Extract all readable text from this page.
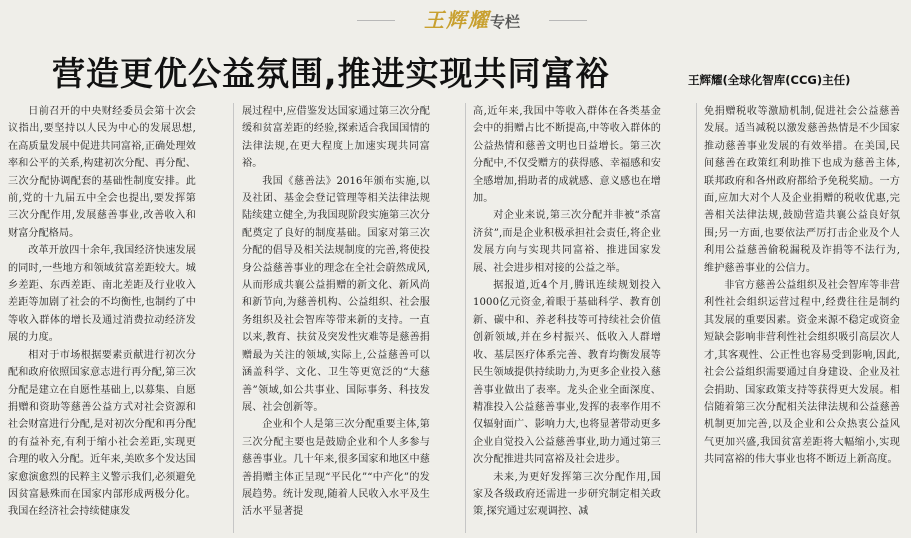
王辉耀专栏
营造更优公益氛围,推进实现共同富裕	王辉耀(全球化智库(CCG)主任)

日前召开的中央财经委员会第十次会议指出,要坚持以人民为中心的发展思想,在高质量发展中促进共同富裕,正确处理效率和公平的关系,构建初次分配、再分配、三次分配协调配套的基础性制度安排。此前,党的十九届五中全会也提出,要发挥第三次分配作用,发展慈善事业,改善收入和财富分配格局。

改革开放四十余年,我国经济快速发展的同时,一些地方和领域贫富差距较大。城乡差距、东西差距、南北差距及行业收入差距等加剧了社会的不均衡性,也制约了中等收入群体的增长及通过消费拉动经济发展的力度。

相对于市场根据要素贡献进行初次分配和政府依照国家意志进行再分配,第三次分配是建立在自愿性基础上,以募集、自愿捐赠和资助等慈善公益方式对社会资源和社会财富进行分配,是对初次分配和再分配的有益补充,有利于缩小社会差距,实现更合理的收入分配。近年来,美欧多个发达国家愈演愈烈的民粹主义警示我们,必须避免因贫富悬殊而在国家内部形成两极分化。我国在经济社会持续健康发

展过程中,应借鉴发达国家通过第三次分配缓和贫富差距的经验,探索适合我国国情的法律法规,在更大程度上加速实现共同富裕。

我国《慈善法》2016年颁布实施,以及社团、基金会登记管理等相关法律法规陆续建立健全,为我国现阶段实施第三次分配奠定了良好的制度基础。国家对第三次分配的倡导及相关法规制度的完善,将使投身公益慈善事业的理念在全社会蔚然成风,从而形成共襄公益捐赠的新文化、新风尚和新节向,为慈善机构、公益组织、社会服务组织及社会智库等带来新的支持。一直以来,教育、扶贫及突发性灾难等是慈善捐赠最为关注的领域,实际上,公益慈善可以涵盖科学、文化、卫生等更宽泛的“大慈善”领域,如公共事业、国际事务、科技发展、社会创新等。

企业和个人是第三次分配重要主体,第三次分配主要也是鼓励企业和个人多参与慈善事业。几十年来,很多国家和地区中慈善捐赠主体正呈现“平民化”“中产化”的发展趋势。统计发现,随着人民收入水平及生活水平显著提

高,近年来,我国中等收入群体在各类基金会中的捐赠占比不断提高,中等收入群体的公益热情和慈善文明也日益增长。第三次分配中,不仅受赠方的获得感、幸福感和安全感增加,捐助者的成就感、意义感也在增加。

对企业来说,第三次分配并非被“杀富济贫”,而是企业积极承担社会责任,将企业发展方向与实现共同富裕、推进国家发展、社会进步相对接的公益之举。

据报道,近4个月,腾讯连续规划投入1000亿元资金,着眼于基础科学、教育创新、碳中和、养老科技等可持续社会价值创新领域,并在乡村振兴、低收入人群增收、基层医疗体系完善、教育均衡发展等民生领域提供持续助力,为更多企业投入慈善事业做出了表率。龙头企业全面深度、精准投入公益慈善事业,发挥的表率作用不仅辐射面广、影响力大,也将显著带动更多企业自觉投入公益慈善事业,助力通过第三次分配推进共同富裕及社会进步。

未来,为更好发挥第三次分配作用,国家及各级政府还需进一步研究制定相关政策,探究通过宏观调控、减

免捐赠税收等激励机制,促进社会公益慈善发展。适当减税以激发慈善热情是不少国家推动慈善事业发展的有效举措。在美国,民间慈善在政策红利助推下也成为慈善主体,联邦政府和各州政府都给予免税奖励。一方面,应加大对个人及企业捐赠的税收优惠,完善相关法律法规,鼓励营造共襄公益良好氛围;另一方面,也要依法严厉打击企业及个人利用公益慈善偷税漏税及诈捐等不法行为,维护慈善事业的公信力。

非官方慈善公益组织及社会智库等非营利性社会组织运营过程中,经费往往是制约其发展的重要因素。资金来源不稳定或资金短缺会影响非营利性社会组织吸引高层次人才,其客观性、公正性也容易受到影响,因此,社会公益组织需要通过自身建设、企业及社会捐助、国家政策支持等获得更大发展。相信随着第三次分配相关法律法规和公益慈善机制更加完善,以及企业和公众热衷公益风气更加兴盛,我国贫富差距将大幅缩小,实现共同富裕的伟大事业也将不断迈上新高度。
